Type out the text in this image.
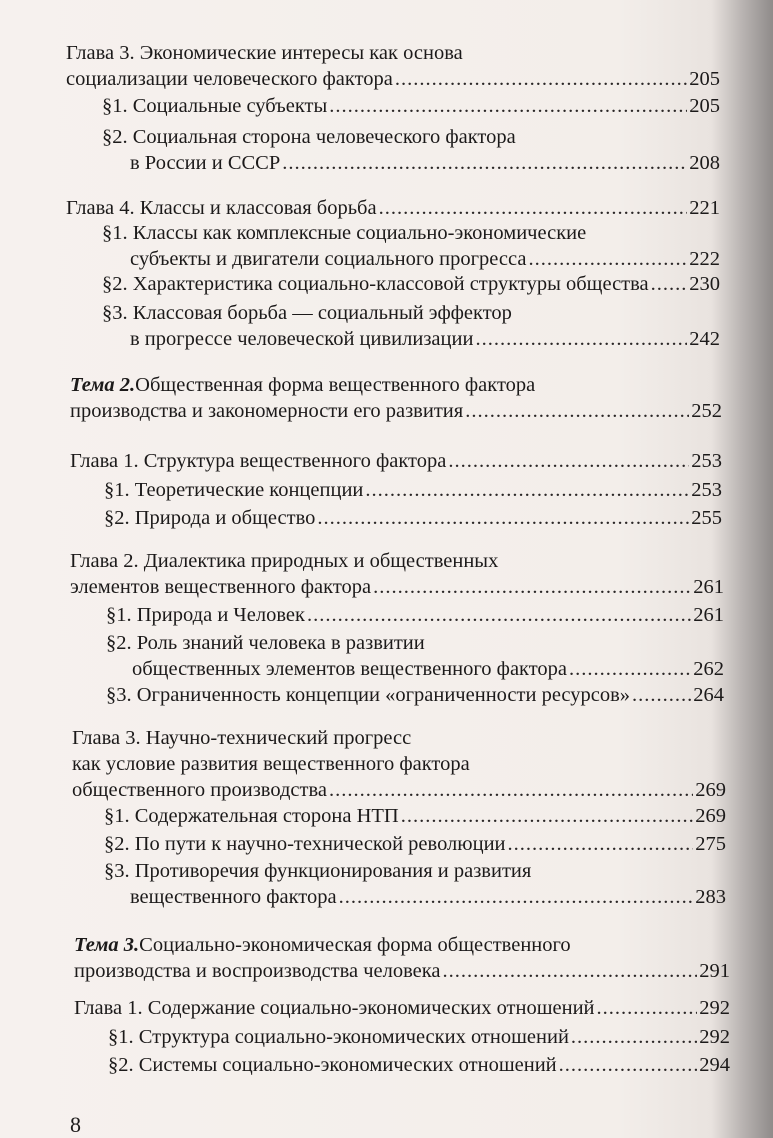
Глава 3. Экономические интересы как основа
социализации человеческого фактора .....	205
§1. Социальные субъекты .....	205
§2. Социальная сторона человеческого фактора
в России и СССР .....	208
Глава 4. Классы и классовая борьба .....	221
§1. Классы как комплексные социально-экономические
субъекты и двигатели социального прогресса .....	222
§2. Характеристика социально-классовой структуры общества ..... 230
§3. Классовая борьба — социальный эффектор
в прогрессе человеческой цивилизации .....	242
Тема 2. Общественная форма вещественного фактора
производства и закономерности его развития .....	252
Глава 1. Структура вещественного фактора .....	253
§1. Теоретические концепции .....	253
§2. Природа и общество .....	255
Глава 2. Диалектика природных и общественных
элементов вещественного фактора .....	261
§1. Природа и Человек .....	261
§2. Роль знаний человека в развитии
общественных элементов вещественного фактора .....	262
§3. Ограниченность концепции «ограниченности ресурсов» .....	264
Глава 3. Научно-технический прогресс
как условие развития вещественного фактора
общественного производства .....	269
§1. Содержательная сторона НТП .....	269
§2. По пути к научно-технической революции .....	275
§3. Противоречия функционирования и развития
вещественного фактора .....	283
Тема 3. Социально-экономическая форма общественного
производства и воспроизводства человека .....	291
Глава 1. Содержание социально-экономических отношений .....	292
§1. Структура социально-экономических отношений .....	292
§2. Системы социально-экономических отношений .....	294
8
